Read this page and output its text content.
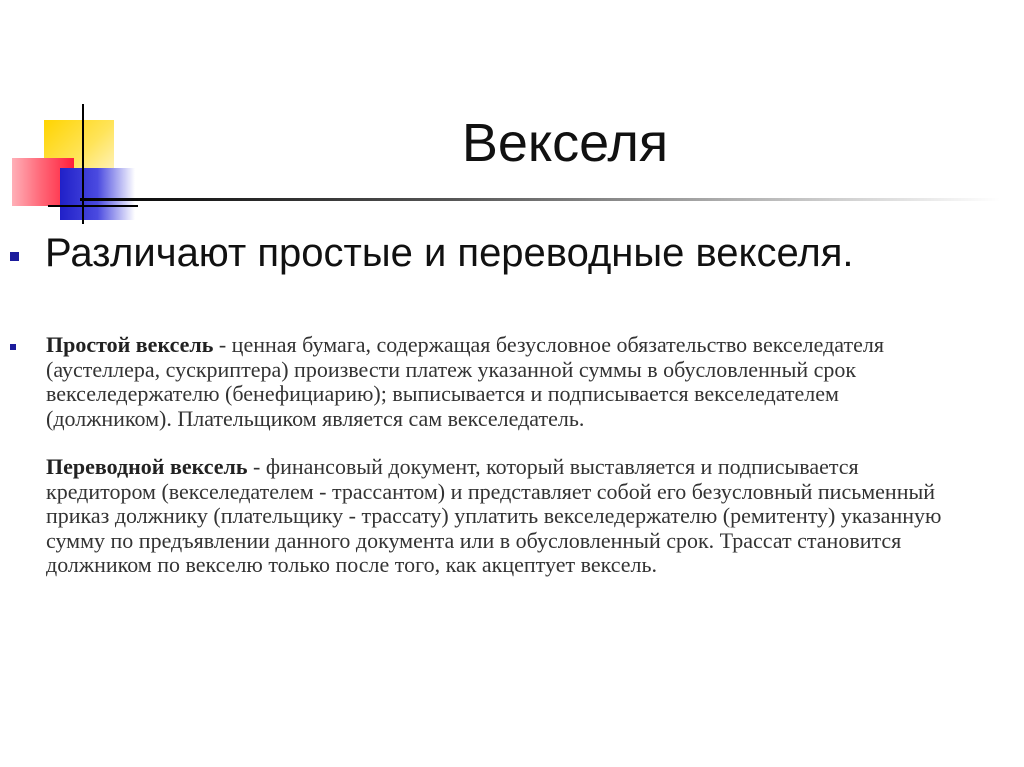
Векселя
Различают простые и переводные векселя.

Простой вексель - ценная бумага, содержащая безусловное обязательство векселедателя (аустеллера, сускриптера) произвести платеж указанной суммы в обусловленный срок векселедержателю (бенефициарию); выписывается и подписывается векселедателем (должником). Плательщиком является сам векселедатель.

Переводной вексель - финансовый документ, который выставляется и подписывается кредитором (векселедателем - трассантом) и представляет собой его безусловный письменный приказ должнику (плательщику - трассату) уплатить векселедержателю (ремитенту) указанную сумму по предъявлении данного документа или в обусловленный срок. Трассат становится должником по векселю только после того, как акцептует вексель.
